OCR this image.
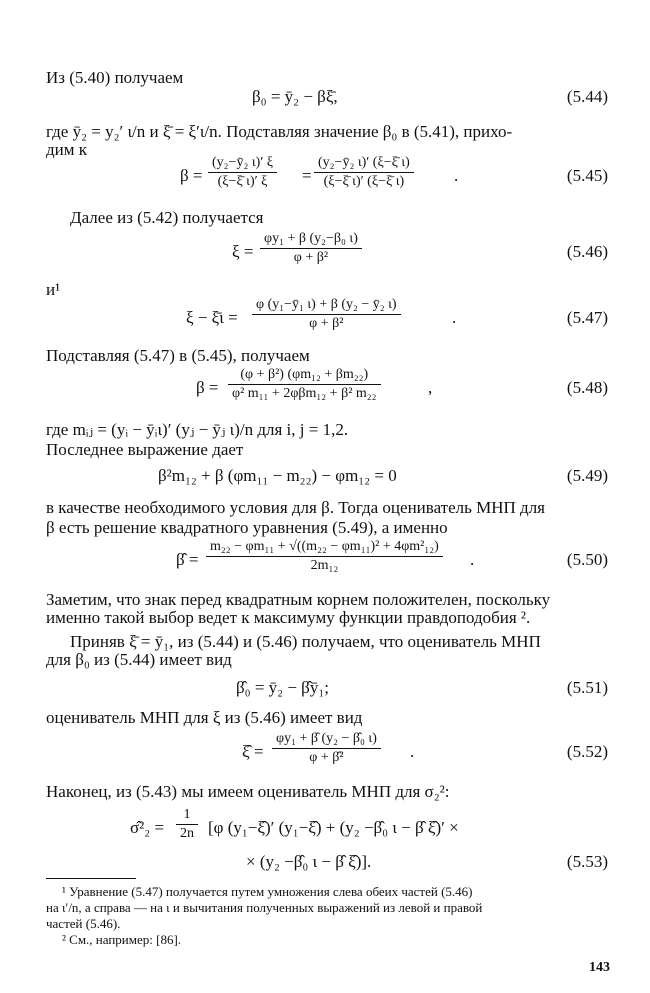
Из (5.40) получаем
β₀ = ȳ₂ − βξ̄,	(5.44)
где ȳ₂ = y₂′ ι/n и ξ̄ = ξ′ι/n. Подставляя значение β₀ в (5.41), прихо-
дим к
$\beta = \frac{\text{(y₂−ȳ₂ ι)′ ξ}}{(\xi-\xī \iota)' \xi} = \frac{\text{(y₂−ȳ₂ ι)′ (ξ−ξ̄ ι)}}{(\xi-\xī \iota)' (\xi-\xī \iota)}$ .	(5.45)
Далее из (5.42) получается
$\xi = \frac{\text{φy₁ + β (y₂−β₀ ι)}}{\text{φ + β²}}$	(5.46)
и¹
ξ − ξ̄ι = $\frac{\text{φ (y₁−ȳ₁ ι) + β (y₂ − ȳ₂ ι)}}{\text{φ + β²}}$	.	(5.47)
Подставляя (5.47) в (5.45), получаем
β =
(φ + β²) (φm₁₂ + βm₂₂)
φ² m₁₁ + 2φβm₁₂ + β² m₂₂	,	(5.48)
где mᵢⱼ = (yᵢ − ȳᵢι)′ (yⱼ − ȳⱼ ι)/n для i, j = 1,2.
Последнее выражение дает
β²m₁₂ + β (φm₁₁ − m₂₂) − φm₁₂ = 0	(5.49)
в качестве необходимого условия для β. Тогда оцениватель МНП для
β есть решение квадратного уравнения (5.49), а именно
β̂ = $\frac{\text{m₂₂ − φm₁₁ + √((m₂₂ − φm₁₁)² + 4φm²₁₂)}}{\text{2m₁₂}}$ .	(5.50)
Заметим, что знак перед квадратным корнем положителен, поскольку
именно такой выбор ведет к максимуму функции правдоподобия ².
Приняв ξ̄ = ȳ₁, из (5.44) и (5.46) получаем, что оцениватель МНП
для β₀ из (5.44) имеет вид
β̂₀ = ȳ₂ − β̂ȳ₁;	(5.51)
оцениватель МНП для ξ из (5.46) имеет вид
ξ̂ = $\frac{\text{φy₁ + β̂ (y₂ − β̂₀ ι)}}{\text{φ + β̂²}}$ .	(5.52)
Наконец, из (5.43) мы имеем оцениватель МНП для σ₂²:
σ̂²₂ = $\frac{1}{2n} [\varphi$ (y₁−ξ̂)′ (y₁−ξ̂) + (y₂ −β̂₀ ι − β̂ ξ̂)′ ×
× (y₂ −β̂₀ ι − β̂ ξ̂)].	(5.53)
¹ Уравнение (5.47) получается путем умножения слева обеих частей (5.46)
на ι′/n, а справа — на ι и вычитания полученных выражений из левой и правой
частей (5.46).
² См., например: [86].
143
